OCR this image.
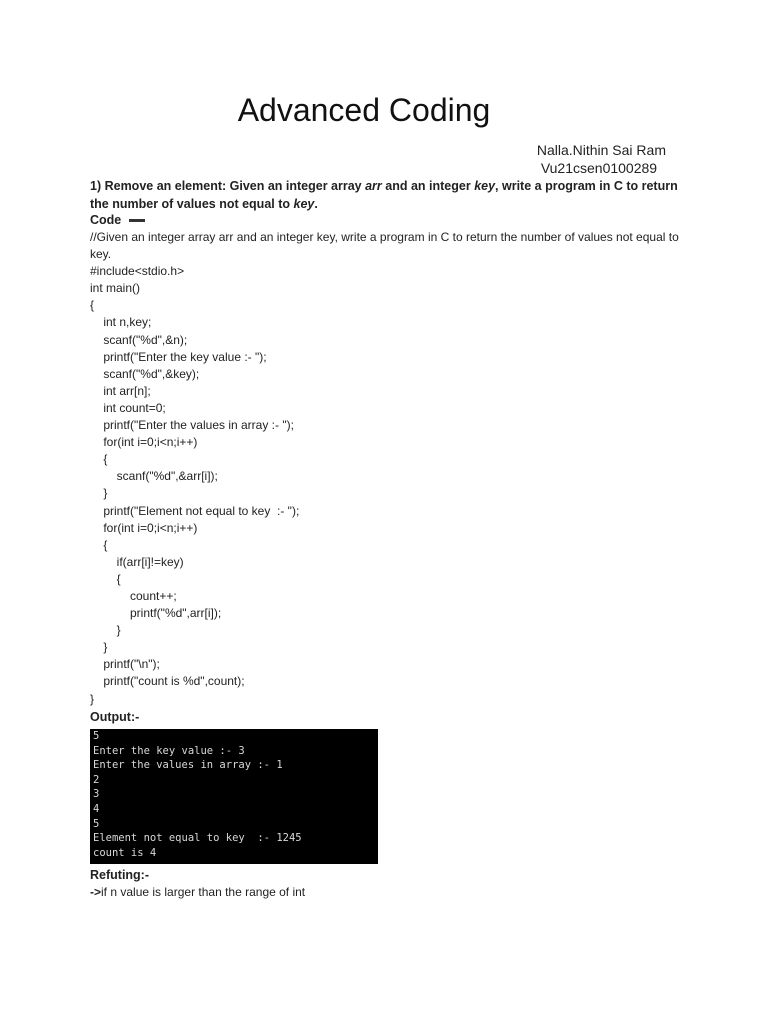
Advanced Coding
Nalla.Nithin Sai Ram
Vu21csen0100289

1) Remove an element: Given an integer array arr and an integer key, write a program in C to return the number of values not equal to key.

Code
//Given an integer array arr and an integer key, write a program in C to return the number of values not equal to key.
#include<stdio.h>
int main()
{
int n,key;
scanf("%d",&n);
printf("Enter the key value :- ");
scanf("%d",&key);
int arr[n];
int count=0;
printf("Enter the values in array :- ");
for(int i=0;i<n;i++)
{
scanf("%d",&arr[i]);
}
printf("Element not equal to key  :- ");
for(int i=0;i<n;i++)
{
if(arr[i]!=key)
{
count++;
printf("%d",arr[i]);
}
}
printf("\n");
printf("count is %d",count);
}
Output:-
5
Enter the key value :- 3
Enter the values in array :- 1
2
3
4
5
Element not equal to key  :- 1245
count is 4
Refuting:-
->if n value is larger than the range of int
